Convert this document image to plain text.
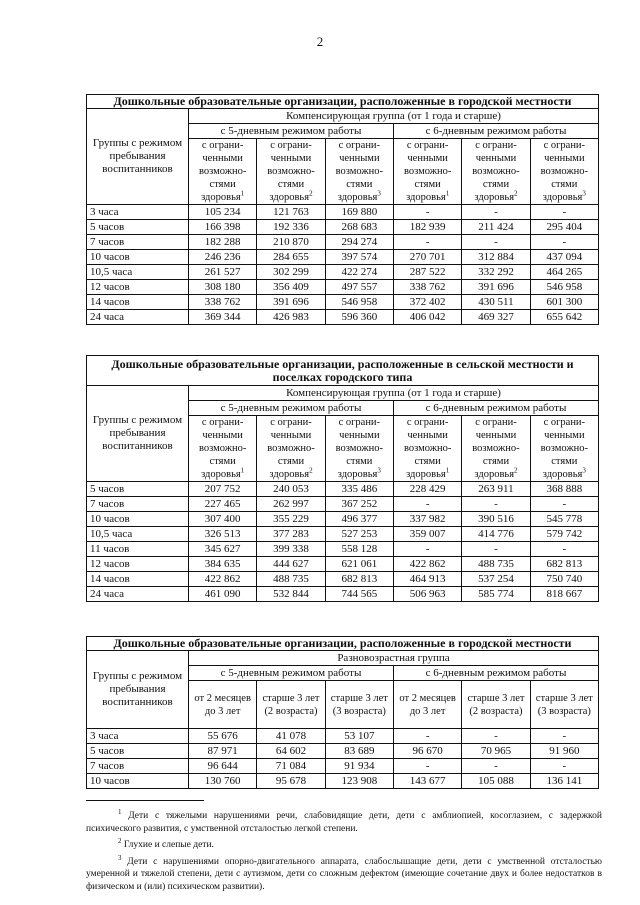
2
Дошкольные образовательные организации, расположенные в городской местности						
Группы с режимом пребывания воспитанников	Компенсирующая группа (от 1 года и старше)					
	с 5-дневным режимом работы			с 6-дневным режимом работы		
	с ограни-ченными возможно-стями здоровья$^1$	с ограни-ченными возможно-стями здоровья$^2$	с ограни-ченными возможно-стями здоровья$^3$	с ограни-ченными возможно-стями здоровья$^1$	с ограни-ченными возможно-стями здоровья$^2$	с ограни-ченными возможно-стями здоровья$^3$

3 часа	105 234	121 763	169 880	-	-	-
5 часов	166 398	192 336	268 683	182 939	211 424	295 404
7 часов	182 288	210 870	294 274	-	-	-
10 часов	246 236	284 655	397 574	270 701	312 884	437 094
10,5 часа	261 527	302 299	422 274	287 522	332 292	464 265
12 часов	308 180	356 409	497 557	338 762	391 696	546 958
14 часов	338 762	391 696	546 958	372 402	430 511	601 300
24 часа	369 344	426 983	596 360	406 042	469 327	655 642
Дошкольные образовательные организации, расположенные в сельской местности и поселках городского типа						
Группы с режимом пребывания воспитанников	Компенсирующая группа (от 1 года и старше)					
	с 5-дневным режимом работы			с 6-дневным режимом работы		
	с ограни-ченными возможно-стями здоровья$^1$	с ограни-ченными возможно-стями здоровья$^2$	с ограни-ченными возможно-стями здоровья$^3$	с ограни-ченными возможно-стями здоровья$^1$	с ограни-ченными возможно-стями здоровья$^2$	с ограни-ченными возможно-стями здоровья$^3$

5 часов	207 752	240 053	335 486	228 429	263 911	368 888
7 часов	227 465	262 997	367 252	-	-	-
10 часов	307 400	355 229	496 377	337 982	390 516	545 778
10,5 часа	326 513	377 283	527 253	359 007	414 776	579 742
11 часов	345 627	399 338	558 128	-	-	-
12 часов	384 635	444 627	621 061	422 862	488 735	682 813
14 часов	422 862	488 735	682 813	464 913	537 254	750 740
24 часа	461 090	532 844	744 565	506 963	585 774	818 667
Дошкольные образовательные организации, расположенные в городской местности						
Группы с режимом пребывания воспитанников	Разновозрастная группа					
	с 5-дневным режимом работы			с 6-дневным режимом работы		
	от 2 месяцев до 3 лет	старше 3 лет (2 возраста)	старше 3 лет (3 возраста)	от 2 месяцев до 3 лет	старше 3 лет (2 возраста)	старше 3 лет (3 возраста)

3 часа	55 676	41 078	53 107	-	-	-
5 часов	87 971	64 602	83 689	96 670	70 965	91 960
7 часов	96 644	71 084	91 934	-	-	-
10 часов	130 760	95 678	123 908	143 677	105 088	136 141
$^1$ Дети с тяжелыми нарушениями речи, слабовидящие дети, дети с амблиопией, косоглазием, с задержкой психического развития, с умственной отсталостью легкой степени.
$^2$ Глухие и слепые дети.
$^3$ Дети с нарушениями опорно-двигательного аппарата, слабослышащие дети, дети с умственной отсталостью умеренной и тяжелой степени, дети с аутизмом, дети со сложным дефектом (имеющие сочетание двух и более недостатков в физическом и (или) психическом развитии).
